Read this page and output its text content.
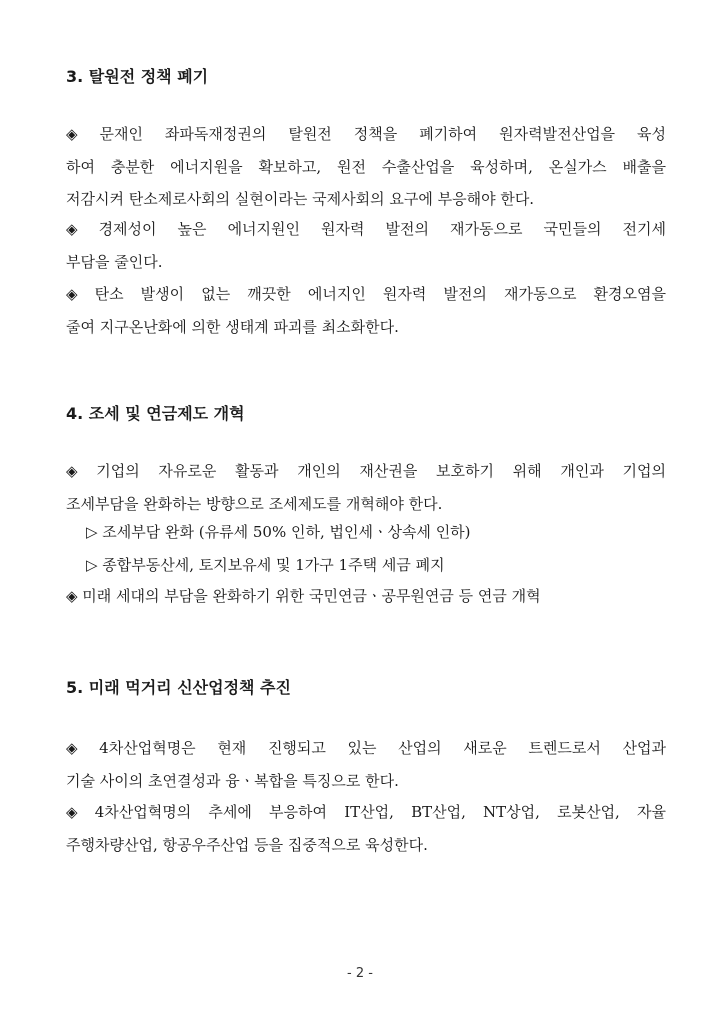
3. 탈원전 정책 폐기
◈ 문재인 좌파독재정권의 탈원전 정책을 폐기하여 원자력발전산업을 육성
하여 충분한 에너지원을 확보하고, 원전 수출산업을 육성하며, 온실가스 배출을
저감시켜 탄소제로사회의 실현이라는 국제사회의 요구에 부응해야 한다.
◈ 경제성이 높은 에너지원인 원자력 발전의 재가동으로 국민들의 전기세
부담을 줄인다.
◈ 탄소 발생이 없는 깨끗한 에너지인 원자력 발전의 재가동으로 환경오염을
줄여 지구온난화에 의한 생태계 파괴를 최소화한다.
4. 조세 및 연금제도 개혁
◈ 기업의 자유로운 활동과 개인의 재산권을 보호하기 위해 개인과 기업의
조세부담을 완화하는 방향으로 조세제도를 개혁해야 한다.
▷ 조세부담 완화 (유류세 50% 인하, 법인세ㆍ상속세 인하)
▷ 종합부동산세, 토지보유세 및 1가구 1주택 세금 폐지
◈ 미래 세대의 부담을 완화하기 위한 국민연금ㆍ공무원연금 등 연금 개혁
5. 미래 먹거리 신산업정책 추진
◈ 4차산업혁명은 현재 진행되고 있는 산업의 새로운 트렌드로서 산업과
기술 사이의 초연결성과 융ㆍ복합을 특징으로 한다.
◈ 4차산업혁명의 추세에 부응하여 IT산업, BT산업, NT상업, 로봇산업, 자율
주행차량산업, 항공우주산업 등을 집중적으로 육성한다.
- 2 -
